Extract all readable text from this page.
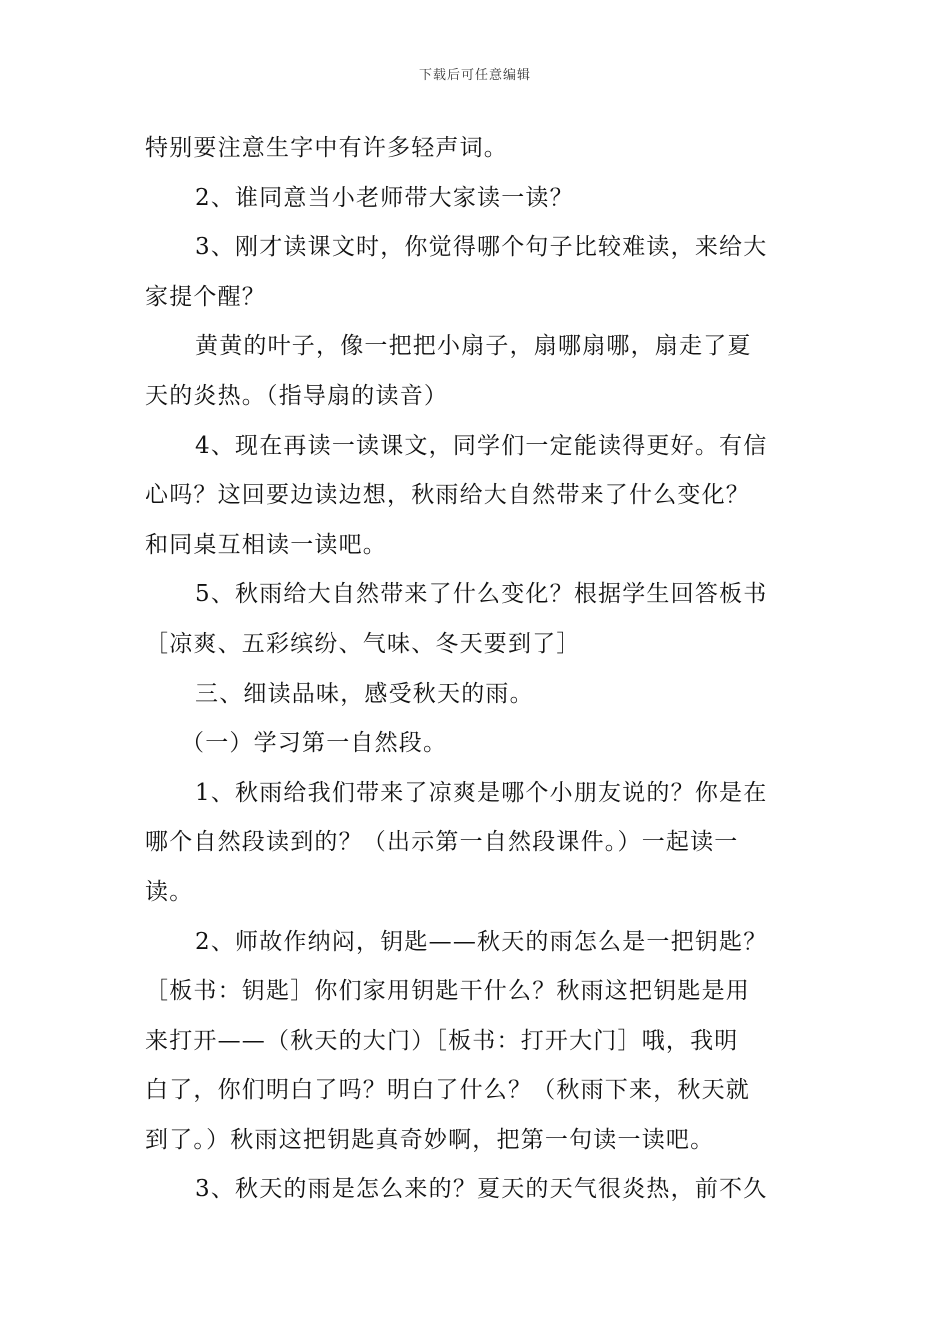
下载后可任意编辑
特别要注意生字中有许多轻声词。
2、谁同意当小老师带大家读一读？
3、刚才读课文时，你觉得哪个句子比较难读，来给大
家提个醒？
黄黄的叶子，像一把把小扇子，扇哪扇哪，扇走了夏
天的炎热。（指导扇的读音）
4、现在再读一读课文，同学们一定能读得更好。有信
心吗？这回要边读边想，秋雨给大自然带来了什么变化？
和同桌互相读一读吧。
5、秋雨给大自然带来了什么变化？根据学生回答板书
［凉爽、五彩缤纷、气味、冬天要到了］
三、细读品味，感受秋天的雨。
（一）学习第一自然段。
1、秋雨给我们带来了凉爽是哪个小朋友说的？你是在
哪个自然段读到的？（出示第一自然段课件。）一起读一
读。
2、师故作纳闷，钥匙——秋天的雨怎么是一把钥匙？
［板书：钥匙］你们家用钥匙干什么？秋雨这把钥匙是用
来打开——（秋天的大门）［板书：打开大门］哦，我明
白了，你们明白了吗？明白了什么？（秋雨下来，秋天就
到了。）秋雨这把钥匙真奇妙啊，把第一句读一读吧。
3、秋天的雨是怎么来的？夏天的天气很炎热，前不久
